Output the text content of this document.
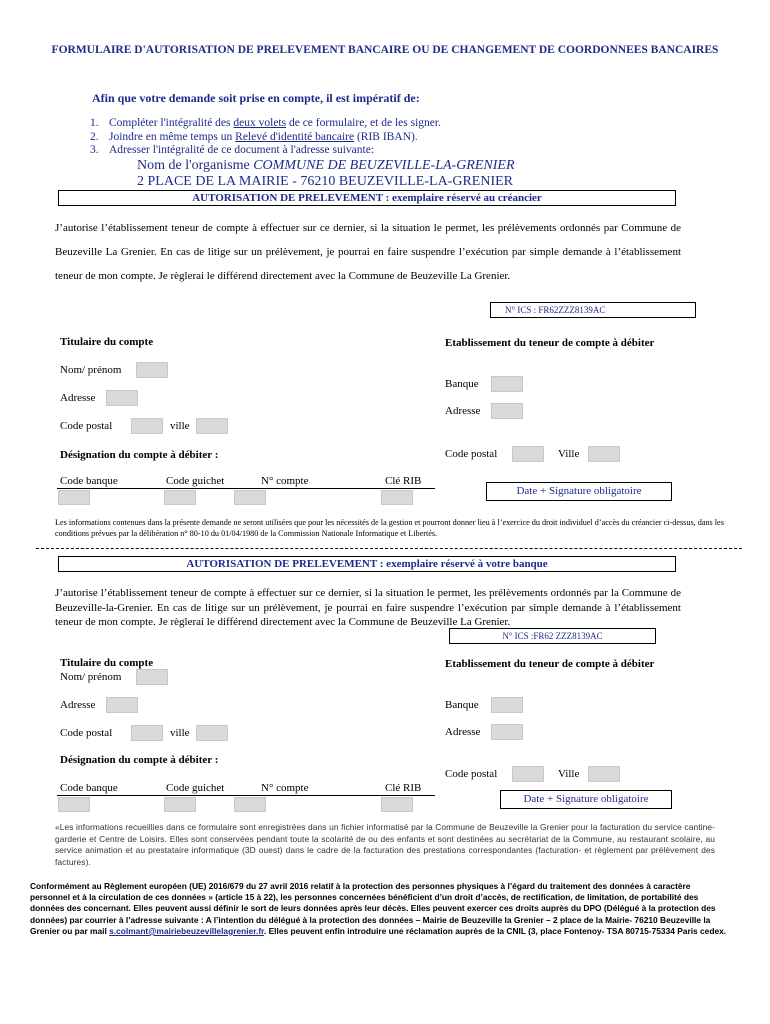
FORMULAIRE D'AUTORISATION DE PRELEVEMENT BANCAIRE OU DE CHANGEMENT DE COORDONNEES BANCAIRES
Afin que votre demande soit prise en compte, il est impératif de:
1. Compléter l'intégralité des deux volets de ce formulaire, et de les signer.
2. Joindre en même temps un Relevé d'identité bancaire (RIB IBAN).
3. Adresser l'intégralité de ce document à l'adresse suivante:
Nom de l'organisme COMMUNE DE BEUZEVILLE-LA-GRENIER
2 PLACE DE LA MAIRIE - 76210 BEUZEVILLE-LA-GRENIER
AUTORISATION DE PRELEVEMENT : exemplaire réservé au créancier
J’autorise l’établissement teneur de compte à effectuer sur ce dernier, si la situation le permet, les prélèvements ordonnés par Commune de Beuzeville La Grenier. En cas de litige sur un prélèvement, je pourrai en faire suspendre l’exécution par simple demande à l’établissement teneur de mon compte. Je règlerai le différend directement avec la Commune de Beuzeville La Grenier.
N° ICS : FR62ZZZ8139AC
Titulaire du compte
Nom/ prénom
Adresse
Code postal	ville
Etablissement du teneur de compte à débiter
Banque
Adresse
Code postal	Ville
Désignation du compte à débiter :
Code banque	Code guichet	N° compte	Clé RIB
Date + Signature obligatoire
Les informations contenues dans la présente demande ne seront utilisées que pour les nécessités de la gestion et pourront donner lieu à l’exercice du droit individuel d’accès du créancier ci-dessus, dans les conditions prévues par la délibération n° 80-10 du 01/04/1980 de la Commission Nationale Informatique et Libertés.
AUTORISATION DE PRELEVEMENT : exemplaire réservé à votre banque
J’autorise l’établissement teneur de compte à effectuer sur ce dernier, si la situation le permet, les prélèvements ordonnés par la Commune de Beuzeville-la-Grenier. En cas de litige sur un prélèvement, je pourrai en faire suspendre l’exécution par simple demande à l’établissement teneur de mon compte. Je règlerai le différend directement avec la Commune de Beuzeville La Grenier.
N° ICS :FR62 ZZZ8139AC
Titulaire du compte
Nom/ prénom
Adresse
Code postal	ville
Etablissement du teneur de compte à débiter
Banque
Adresse
Code postal	Ville
Désignation du compte à débiter :
Code banque	Code guichet	N° compte	Clé RIB
Date + Signature obligatoire
«Les informations recueillies dans ce formulaire sont enregistrées dans un fichier informatisé par la Commune de Beuzeville la Grenier pour la facturation du service cantine-garderie et Centre de Loisirs. Elles sont conservées pendant toute la scolarité de ou des enfants et sont destinées au secrétariat de la Commune, au restaurant scolaire, au service animation et au prestataire informatique (3D ouest) dans le cadre de la facturation des prestations correspondantes (facturation- et règlement par prélèvement des factures).
Conformément au Règlement européen (UE) 2016/679 du 27 avril 2016 relatif à la protection des personnes physiques à l’égard du traitement des données à caractère personnel et à la circulation de ces données » (article 15 à 22), les personnes concernées bénéficient d’un droit d’accès, de rectification, de limitation, de portabilité des données des concernant. Elles peuvent aussi définir le sort de leurs données après leur décès. Elles peuvent exercer ces droits auprès du DPO (Délégué à la protection des données) par courrier à l’adresse suivante : A l’intention du délégué à la protection des données – Mairie de Beuzeville la Grenier – 2 place de la Mairie- 76210 Beuzeville la Grenier ou par mail s.colmant@mairiebeuzevillelagrenier.fr. Elles peuvent enfin introduire une réclamation auprès de la CNIL (3, place Fontenoy- TSA 80715-75334 Paris cedex.
